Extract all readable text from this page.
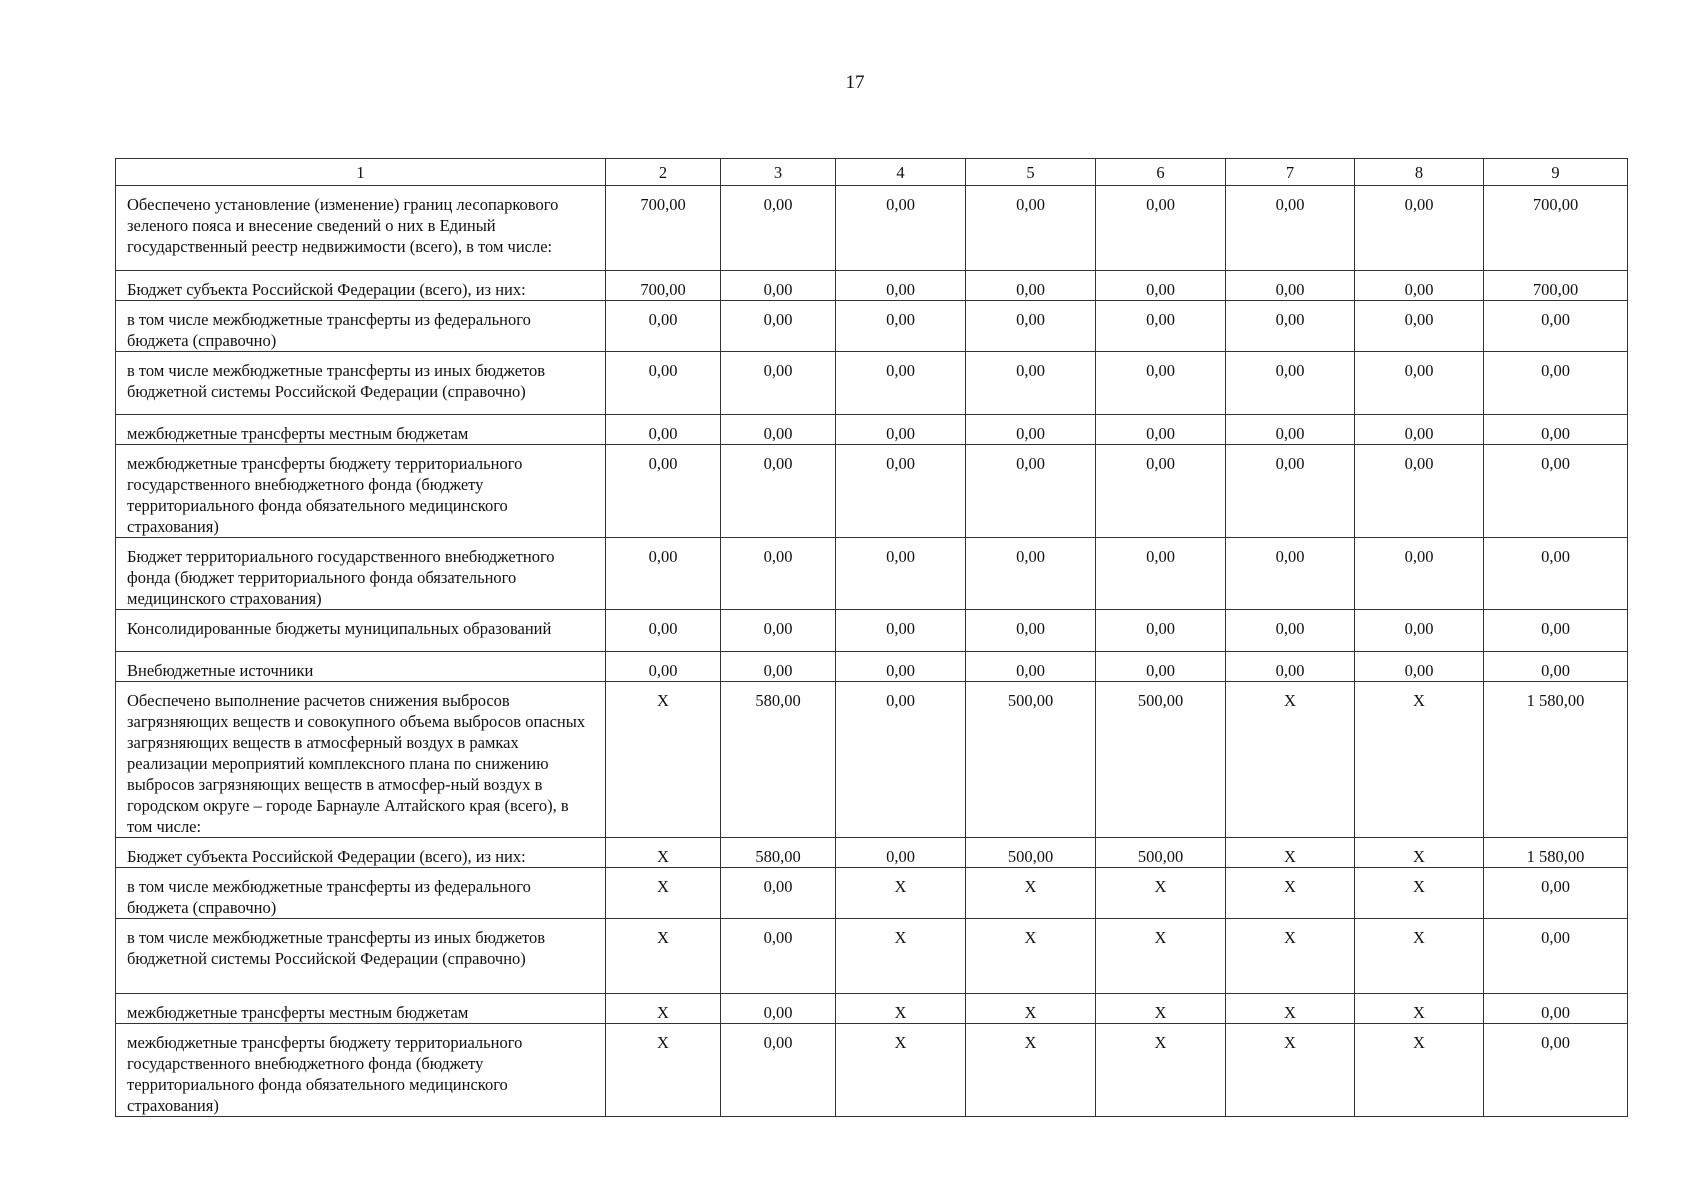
17
1	2	3	4	5	6	7	8	9
Обеспечено установление (изменение) границ лесопаркового зеленого пояса и внесение сведений о них в Единый государственный реестр недвижимости (всего), в том числе:	700,00	0,00	0,00	0,00	0,00	0,00	0,00	700,00
Бюджет субъекта Российской Федерации (всего), из них:	700,00	0,00	0,00	0,00	0,00	0,00	0,00	700,00
в том числе межбюджетные трансферты из федерального бюджета (справочно)	0,00	0,00	0,00	0,00	0,00	0,00	0,00	0,00
в том числе межбюджетные трансферты из иных бюджетов бюджетной системы Российской Федерации (справочно)	0,00	0,00	0,00	0,00	0,00	0,00	0,00	0,00
межбюджетные трансферты местным бюджетам	0,00	0,00	0,00	0,00	0,00	0,00	0,00	0,00
межбюджетные трансферты бюджету территориального государственного внебюджетного фонда (бюджету территориального фонда обязательного медицинского страхования)	0,00	0,00	0,00	0,00	0,00	0,00	0,00	0,00
Бюджет территориального государственного внебюджетного фонда (бюджет территориального фонда обязательного медицинского страхования)	0,00	0,00	0,00	0,00	0,00	0,00	0,00	0,00
Консолидированные бюджеты муниципальных образований	0,00	0,00	0,00	0,00	0,00	0,00	0,00	0,00
Внебюджетные источники	0,00	0,00	0,00	0,00	0,00	0,00	0,00	0,00
Обеспечено выполнение расчетов снижения выбросов загрязняющих веществ и совокупного объема выбросов опасных загрязняющих веществ в атмосферный воздух в рамках реализации мероприятий комплексного плана по снижению выбросов загрязняющих веществ в атмосфер-ный воздух в городском округе – городе Барнауле Алтайского края (всего), в том числе:	X	580,00	0,00	500,00	500,00	X	X	1 580,00
Бюджет субъекта Российской Федерации (всего), из них:	X	580,00	0,00	500,00	500,00	X	X	1 580,00
в том числе межбюджетные трансферты из федерального бюджета (справочно)	X	0,00	X	X	X	X	X	0,00
в том числе межбюджетные трансферты из иных бюджетов бюджетной системы Российской Федерации (справочно)	X	0,00	X	X	X	X	X	0,00
межбюджетные трансферты местным бюджетам	X	0,00	X	X	X	X	X	0,00
межбюджетные трансферты бюджету территориального государственного внебюджетного фонда (бюджету территориального фонда обязательного медицинского страхования)	X	0,00	X	X	X	X	X	0,00
